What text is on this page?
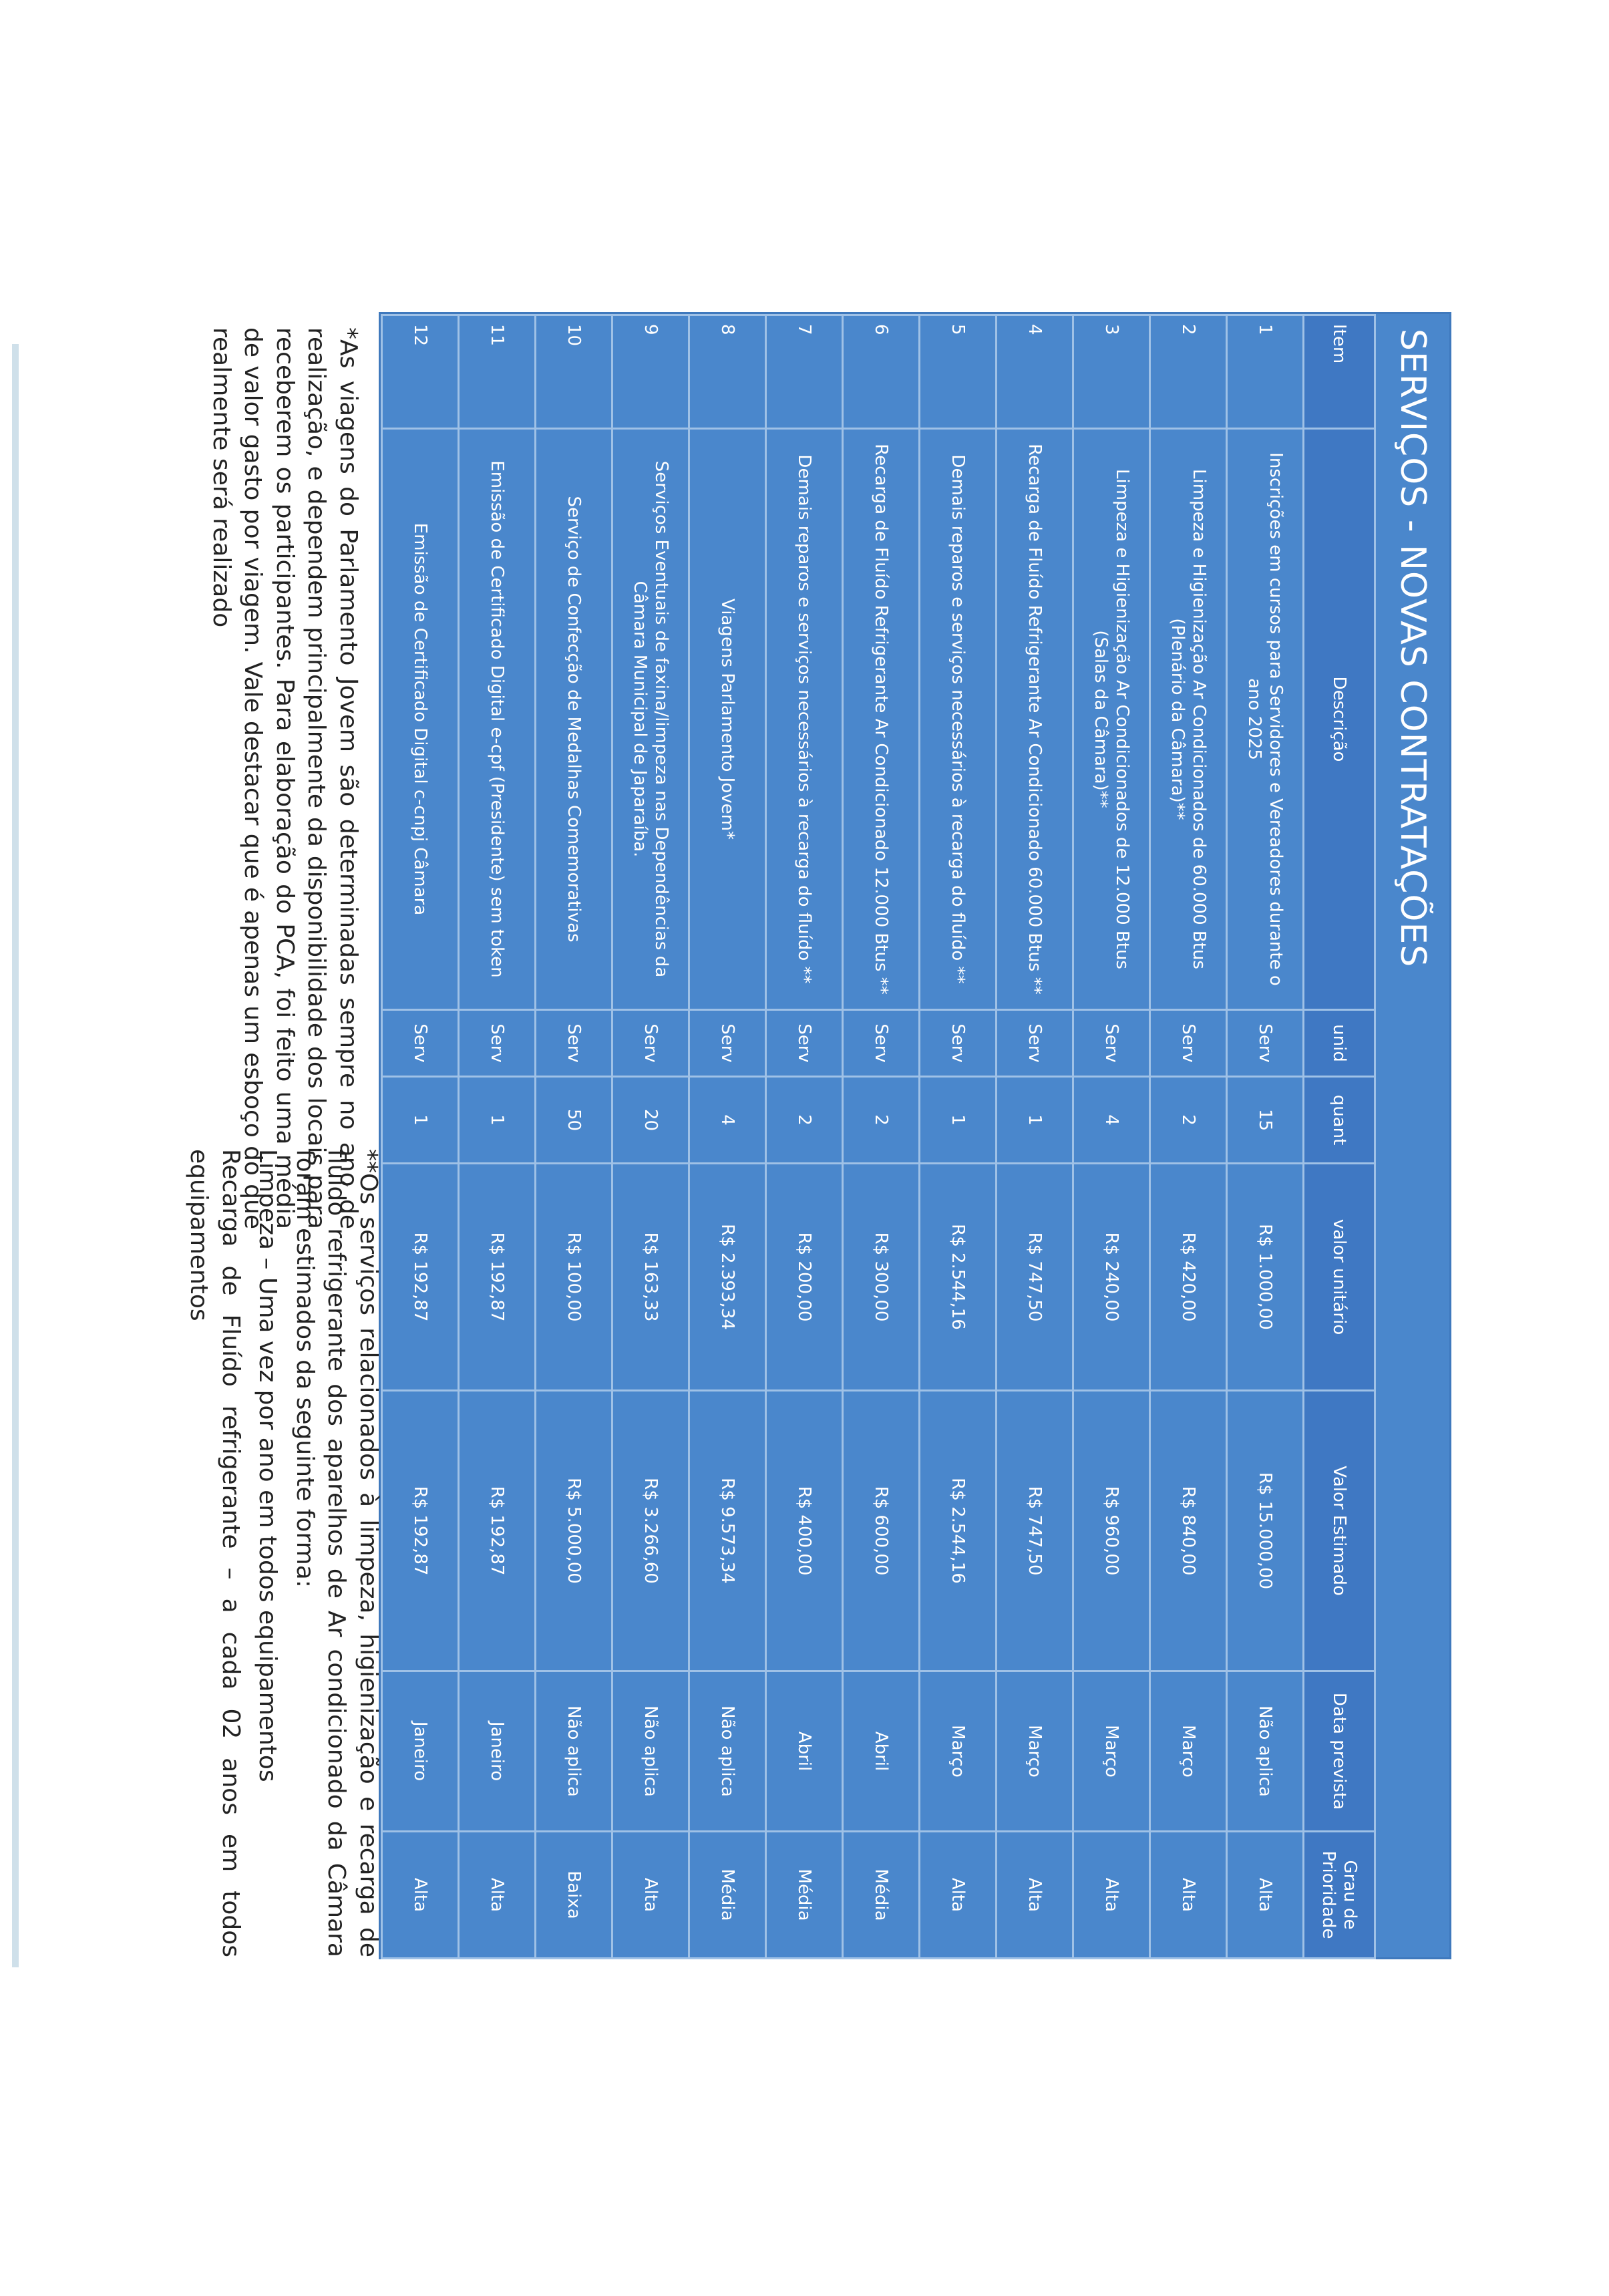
SERVIÇOS - NOVAS CONTRATAÇÕES
Item	Descrição	unid	quant	valor unitário	Valor Estimado	Data prevista	Grau de Prioridade
1	Inscrições em cursos para Servidores e Vereadores durante o ano 2025	Serv	15	R$ 1.000,00	R$ 15.000,00	Não aplica	Alta
2	Limpeza e Higienização Ar Condicionados de 60.000 Btus (Plenário da Câmara)**	Serv	2	R$ 420,00	R$ 840,00	Março	Alta
3	Limpeza e Higienização Ar Condicionados de 12.000 Btus (Salas da Câmara)**	Serv	4	R$ 240,00	R$ 960,00	Março	Alta
4	Recarga de Fluído Refrigerante Ar Condicionado 60.000 Btus **	Serv	1	R$ 747,50	R$ 747,50	Março	Alta
5	Demais reparos e serviços necessários à recarga do fluído **	Serv	1	R$ 2.544,16	R$ 2.544,16	Março	Alta
6	Recarga de Fluído Refrigerante Ar Condicionado 12.000 Btus **	Serv	2	R$ 300,00	R$ 600,00	Abril	Média
7	Demais reparos e serviços necessários à recarga do fluído **	Serv	2	R$ 200,00	R$ 400,00	Abril	Média
8	Viagens Parlamento Jovem*	Serv	4	R$ 2.393,34	R$ 9.573,34	Não aplica	Média
9	Serviços Eventuais de faxina/limpeza nas Dependências da Câmara Municipal de Japaraíba.	Serv	20	R$ 163,33	R$ 3.266,60	Não aplica	Alta
10	Serviço de Confecção de Medalhas Comemorativas	Serv	50	R$ 100,00	R$ 5.000,00	Não aplica	Baixa
11	Emissão de Certificado Digital e-cpf (Presidente) sem token	Serv	1	R$ 192,87	R$ 192,87	Janeiro	Alta
12	Emissão de Certificado Digital c-cnpj Câmara	Serv	1	R$ 192,87	R$ 192,87	Janeiro	Alta
*As viagens do Parlamento Jovem são determinadas sempre no ano de realização, e dependem principalmente da disponibilidade dos locais para receberem os participantes. Para elaboração do PCA, foi feito uma média de valor gasto por viagem. Vale destacar que é apenas um esboço do que realmente será realizado

**Os serviços relacionados à limpeza, higienização e recarga de fluído refrigerante dos aparelhos de Ar condicionado da Câmara foram estimados da seguinte forma:

Limpeza – Uma vez por ano em todos equipamentos

Recarga de Fluído refrigerante – a cada 02 anos em todos equipamentos
